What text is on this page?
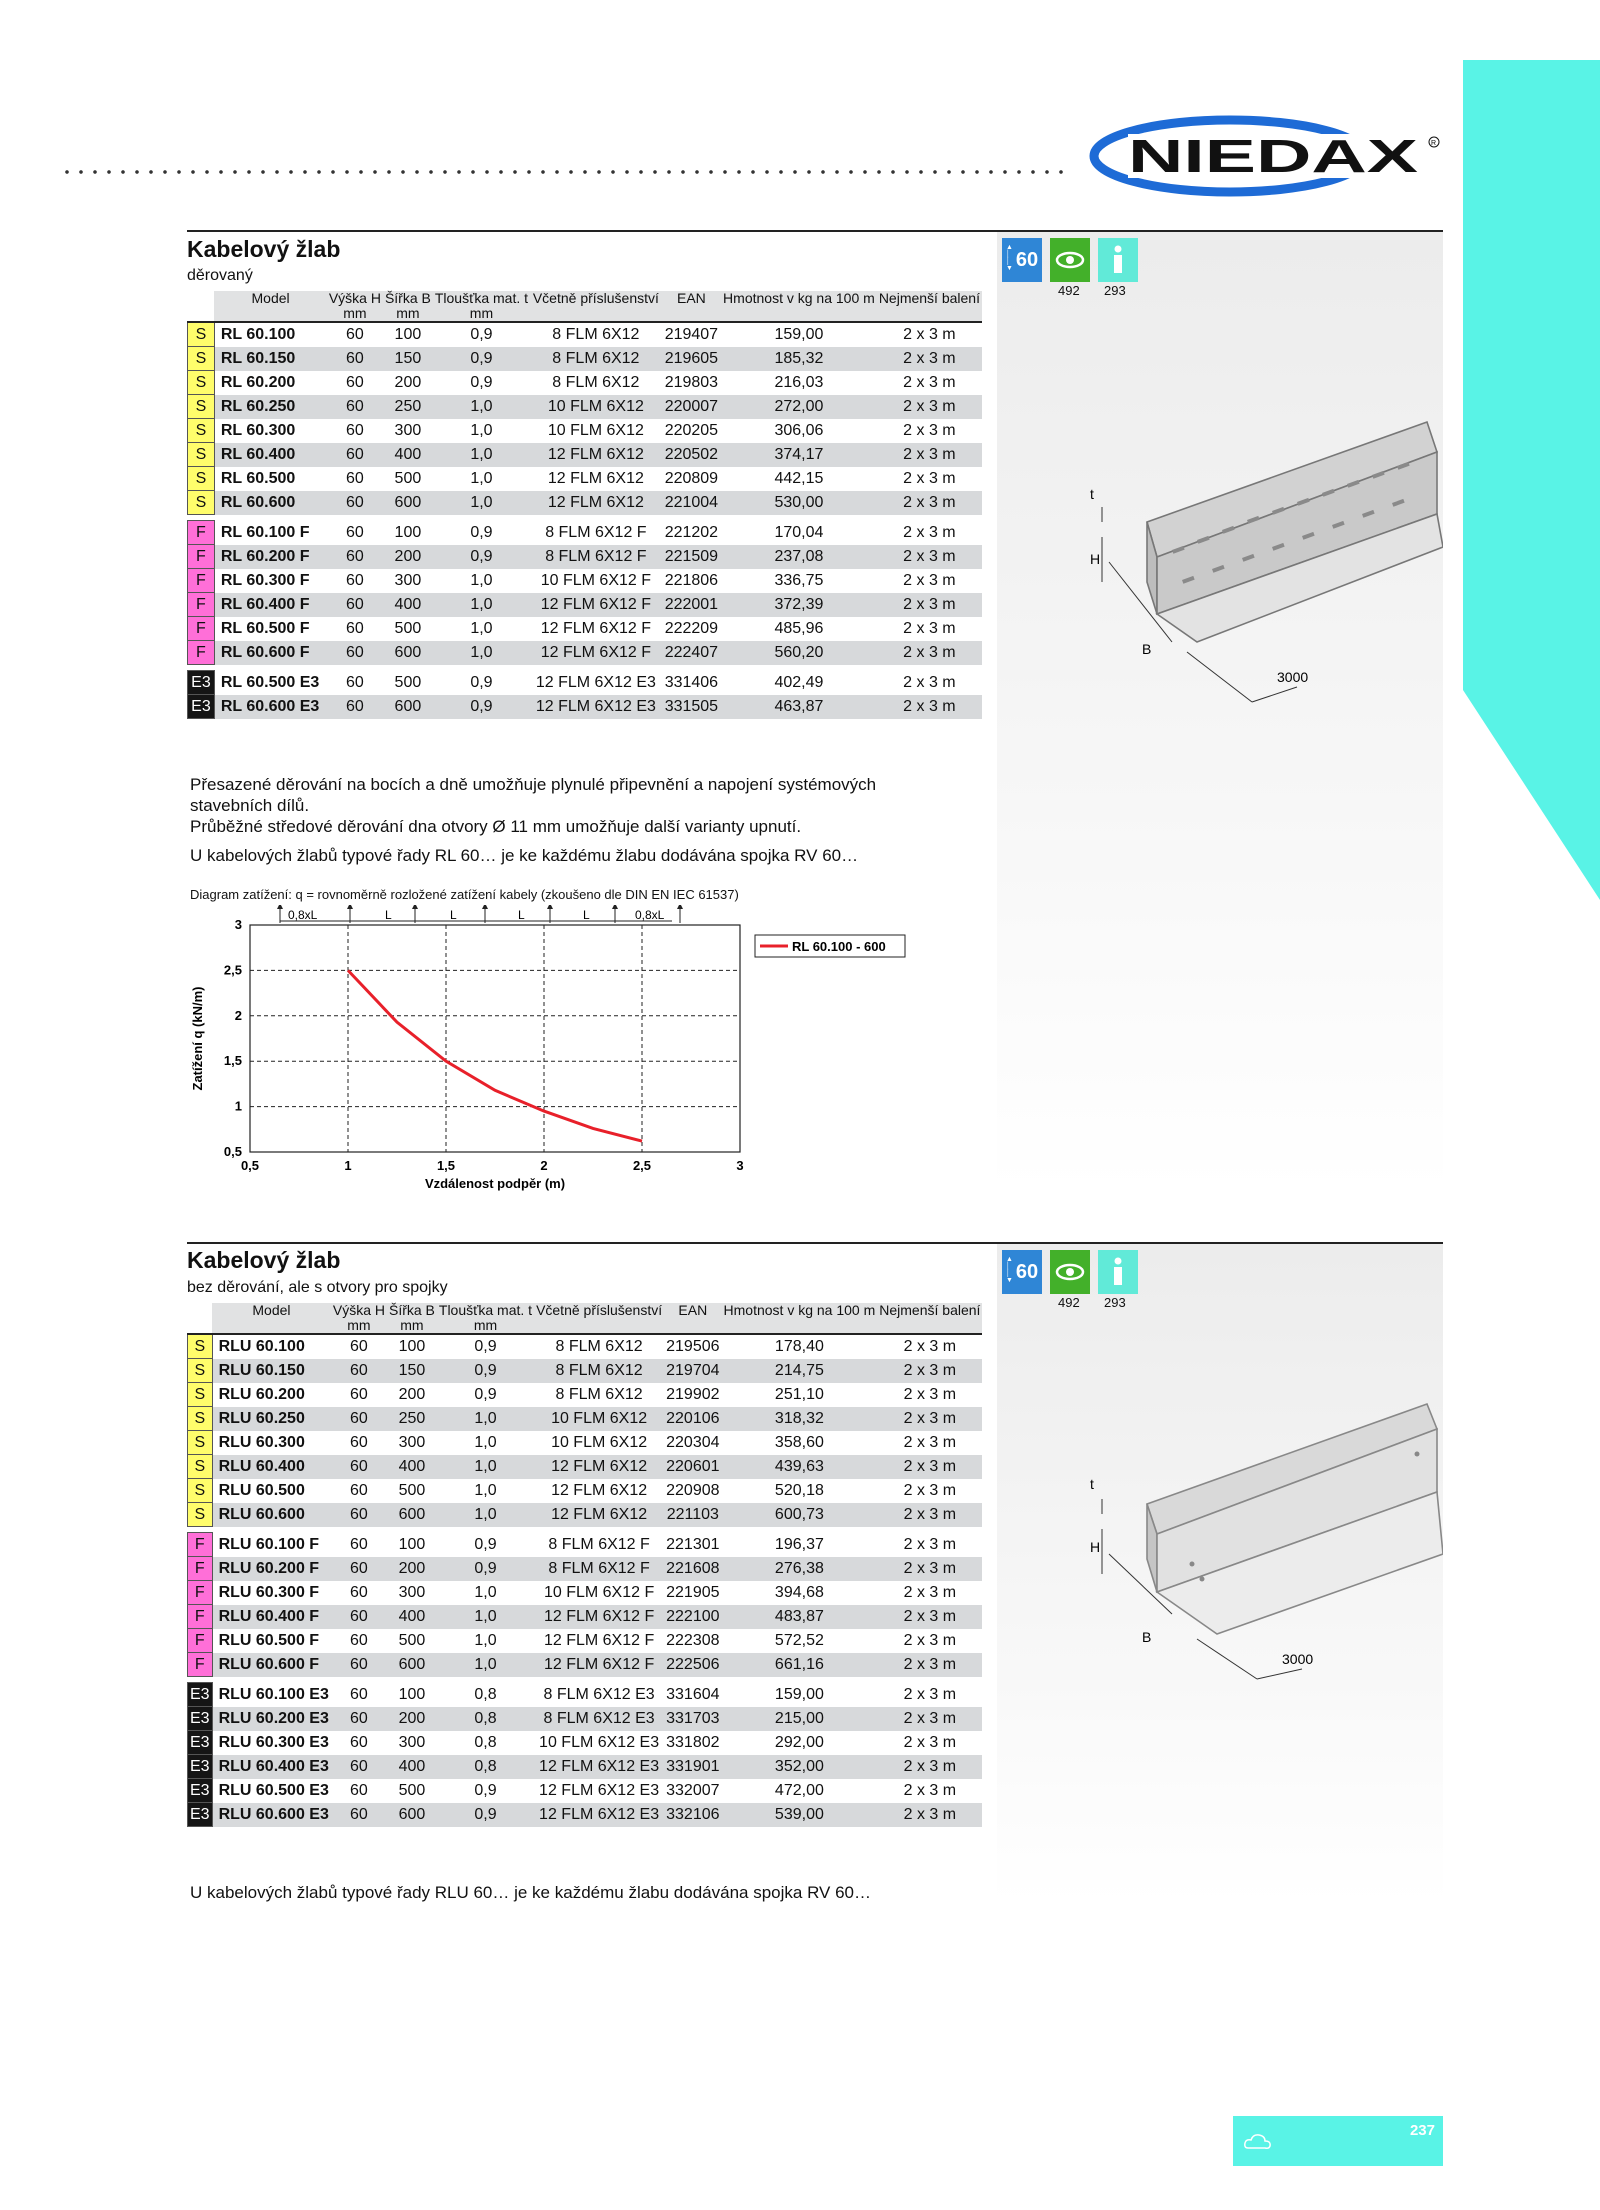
NIEDAX R
Kabelový žlab
děrovaný
t
H
B
3000
▲
│
│
▼ 60
492 293
	Model	Výška H	Šířka B	Tloušťka mat. t	Včetně příslušenství	EAN	Hmotnost v kg na 100 m	Nejmenší balení
		mm	mm	mm				
S	RL 60.100	60	100	0,9	8 FLM 6X12	219407	159,00	2 x 3 m
S	RL 60.150	60	150	0,9	8 FLM 6X12	219605	185,32	2 x 3 m
S	RL 60.200	60	200	0,9	8 FLM 6X12	219803	216,03	2 x 3 m
S	RL 60.250	60	250	1,0	10 FLM 6X12	220007	272,00	2 x 3 m
S	RL 60.300	60	300	1,0	10 FLM 6X12	220205	306,06	2 x 3 m
S	RL 60.400	60	400	1,0	12 FLM 6X12	220502	374,17	2 x 3 m
S	RL 60.500	60	500	1,0	12 FLM 6X12	220809	442,15	2 x 3 m
S	RL 60.600	60	600	1,0	12 FLM 6X12	221004	530,00	2 x 3 m

F	RL 60.100 F	60	100	0,9	8 FLM 6X12 F	221202	170,04	2 x 3 m
F	RL 60.200 F	60	200	0,9	8 FLM 6X12 F	221509	237,08	2 x 3 m
F	RL 60.300 F	60	300	1,0	10 FLM 6X12 F	221806	336,75	2 x 3 m
F	RL 60.400 F	60	400	1,0	12 FLM 6X12 F	222001	372,39	2 x 3 m
F	RL 60.500 F	60	500	1,0	12 FLM 6X12 F	222209	485,96	2 x 3 m
F	RL 60.600 F	60	600	1,0	12 FLM 6X12 F	222407	560,20	2 x 3 m

E3	RL 60.500 E3	60	500	0,9	12 FLM 6X12 E3	331406	402,49	2 x 3 m
E3	RL 60.600 E3	60	600	0,9	12 FLM 6X12 E3	331505	463,87	2 x 3 m
Přesazené děrování na bocích a dně umožňuje plynulé připevnění a napojení systémových stavebních dílů.
Průběžné středové děrování dna otvory Ø 11 mm umožňuje další varianty upnutí.
U kabelových žlabů typové řady RL 60… je ke každému žlabu dodávána spojka RV 60…
Diagram zatížení: q = rovnoměrně rozložené zatížení kabely (zkoušeno dle DIN EN IEC 61537)
0,5
0,5
1
1
1,5
1,5
2
2
2,5
2,5
3
3
0,8xL	L	L	L	L	0,8xL
Vzdálenost podpěr (m)
Zatížení q (kN/m)
RL 60.100 - 600
Kabelový žlab
bez děrování, ale s otvory pro spojky
t
H
B
3000
▲
│
│
▼ 60
492 293
	Model	Výška H	Šířka B	Tloušťka mat. t	Včetně příslušenství	EAN	Hmotnost v kg na 100 m	Nejmenší balení
		mm	mm	mm				
S	RLU 60.100	60	100	0,9	8 FLM 6X12	219506	178,40	2 x 3 m
S	RLU 60.150	60	150	0,9	8 FLM 6X12	219704	214,75	2 x 3 m
S	RLU 60.200	60	200	0,9	8 FLM 6X12	219902	251,10	2 x 3 m
S	RLU 60.250	60	250	1,0	10 FLM 6X12	220106	318,32	2 x 3 m
S	RLU 60.300	60	300	1,0	10 FLM 6X12	220304	358,60	2 x 3 m
S	RLU 60.400	60	400	1,0	12 FLM 6X12	220601	439,63	2 x 3 m
S	RLU 60.500	60	500	1,0	12 FLM 6X12	220908	520,18	2 x 3 m
S	RLU 60.600	60	600	1,0	12 FLM 6X12	221103	600,73	2 x 3 m

F	RLU 60.100 F	60	100	0,9	8 FLM 6X12 F	221301	196,37	2 x 3 m
F	RLU 60.200 F	60	200	0,9	8 FLM 6X12 F	221608	276,38	2 x 3 m
F	RLU 60.300 F	60	300	1,0	10 FLM 6X12 F	221905	394,68	2 x 3 m
F	RLU 60.400 F	60	400	1,0	12 FLM 6X12 F	222100	483,87	2 x 3 m
F	RLU 60.500 F	60	500	1,0	12 FLM 6X12 F	222308	572,52	2 x 3 m
F	RLU 60.600 F	60	600	1,0	12 FLM 6X12 F	222506	661,16	2 x 3 m

E3	RLU 60.100 E3	60	100	0,8	8 FLM 6X12 E3	331604	159,00	2 x 3 m
E3	RLU 60.200 E3	60	200	0,8	8 FLM 6X12 E3	331703	215,00	2 x 3 m
E3	RLU 60.300 E3	60	300	0,8	10 FLM 6X12 E3	331802	292,00	2 x 3 m
E3	RLU 60.400 E3	60	400	0,8	12 FLM 6X12 E3	331901	352,00	2 x 3 m
E3	RLU 60.500 E3	60	500	0,9	12 FLM 6X12 E3	332007	472,00	2 x 3 m
E3	RLU 60.600 E3	60	600	0,9	12 FLM 6X12 E3	332106	539,00	2 x 3 m
U kabelových žlabů typové řady RLU 60… je ke každému žlabu dodávána spojka RV 60…
237
